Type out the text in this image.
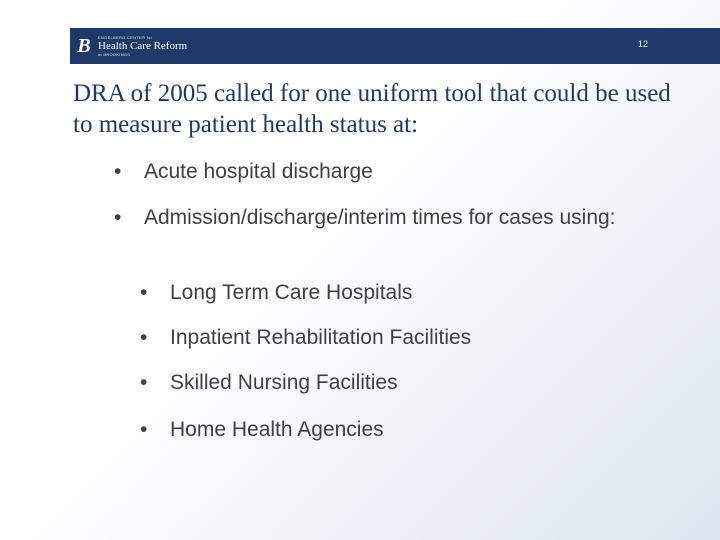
B	ENGELBERG CENTER for
Health Care Reform
at BROOKINGS
12
DRA of 2005 called for one uniform tool that could be used to measure patient health status at:
•	Acute hospital discharge
•	Admission/discharge/interim times for cases using:
•	Long Term Care Hospitals
•	Inpatient Rehabilitation Facilities
•	Skilled Nursing Facilities
•	Home Health Agencies
